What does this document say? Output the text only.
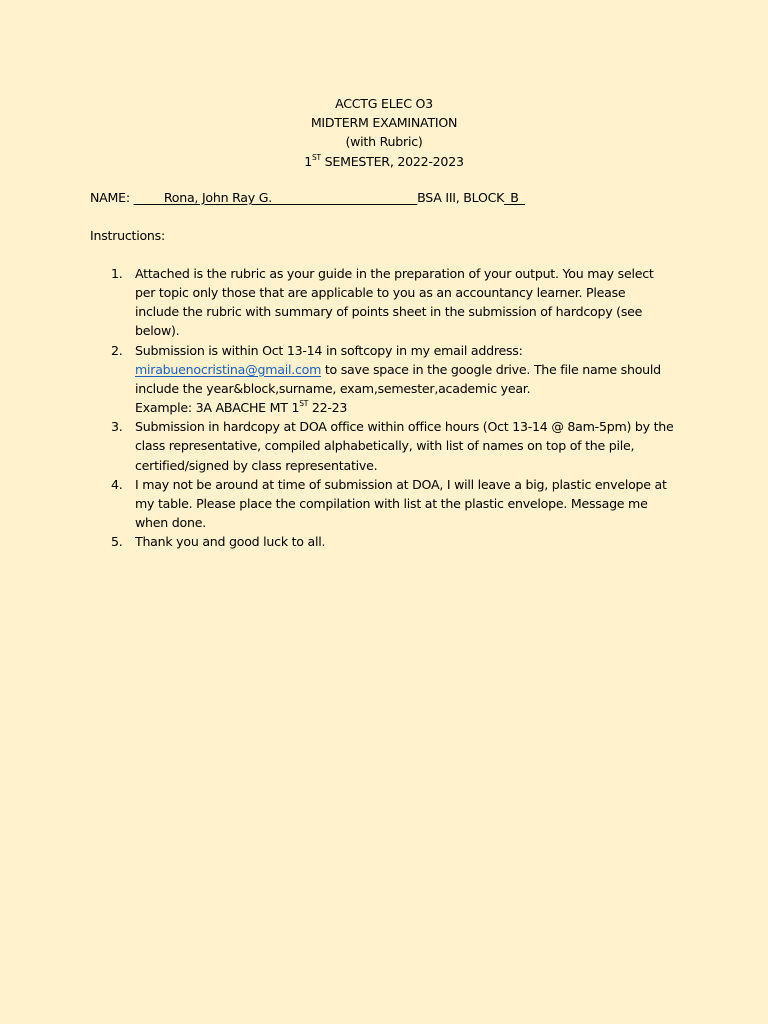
ACCTG ELEC O3
MIDTERM EXAMINATION
(with Rubric)
1ST SEMESTER, 2022-2023
NAME: _____Rona, John Ray G.________________________BSA III, BLOCK_B_
Instructions:
1. Attached is the rubric as your guide in the preparation of your output. You may select
per topic only those that are applicable to you as an accountancy learner. Please
include the rubric with summary of points sheet in the submission of hardcopy (see
below).
2. Submission is within Oct 13-14 in softcopy in my email address:
mirabuenocristina@gmail.com to save space in the google drive. The file name should
include the year&block,surname, exam,semester,academic year.
Example: 3A ABACHE MT 1ST 22-23
3. Submission in hardcopy at DOA office within office hours (Oct 13-14 @ 8am-5pm) by the
class representative, compiled alphabetically, with list of names on top of the pile,
certified/signed by class representative.
4. I may not be around at time of submission at DOA, I will leave a big, plastic envelope at
my table. Please place the compilation with list at the plastic envelope. Message me
when done.
5. Thank you and good luck to all.
